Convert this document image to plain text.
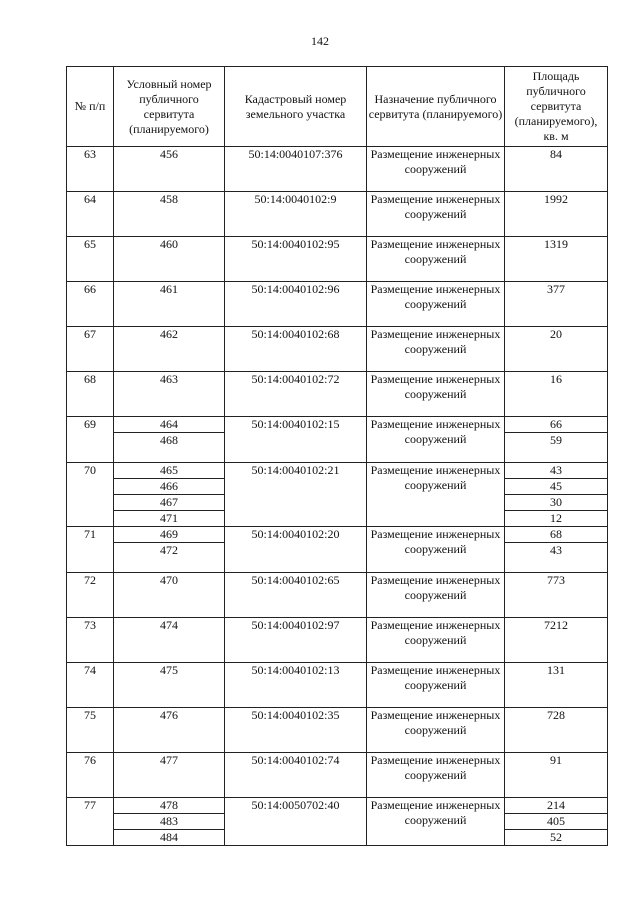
142
№ п/п	Условный номер публичного сервитута (планируемого)	Кадастровый номер земельного участка	Назначение публичного сервитута (планируемого)	Площадь публичного сервитута (планируемого), кв. м
63	456	50:14:0040107:376	Размещение инженерных сооружений	84
64	458	50:14:0040102:9	Размещение инженерных сооружений	1992
65	460	50:14:0040102:95	Размещение инженерных сооружений	1319
66	461	50:14:0040102:96	Размещение инженерных сооружений	377
67	462	50:14:0040102:68	Размещение инженерных сооружений	20
68	463	50:14:0040102:72	Размещение инженерных сооружений	16
69	464	50:14:0040102:15	Размещение инженерных сооружений	66
	468			59
70	465	50:14:0040102:21	Размещение инженерных сооружений	43
	466			45
	467			30
	471			12
71	469	50:14:0040102:20	Размещение инженерных сооружений	68
	472			43
72	470	50:14:0040102:65	Размещение инженерных сооружений	773
73	474	50:14:0040102:97	Размещение инженерных сооружений	7212
74	475	50:14:0040102:13	Размещение инженерных сооружений	131
75	476	50:14:0040102:35	Размещение инженерных сооружений	728
76	477	50:14:0040102:74	Размещение инженерных сооружений	91
77	478	50:14:0050702:40	Размещение инженерных сооружений	214
	483			405
	484			52
